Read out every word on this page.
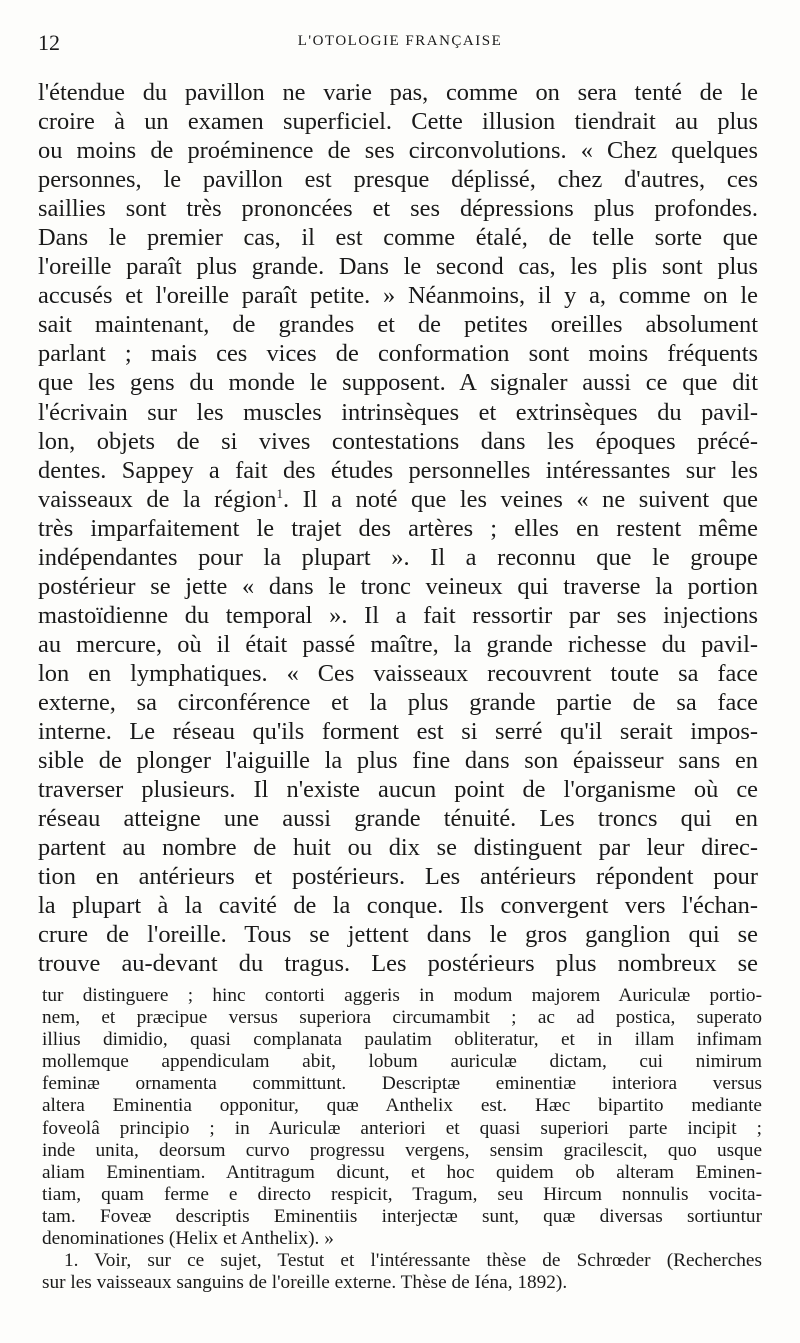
12	L'OTOLOGIE FRANÇAISE
l'étendue du pavillon ne varie pas, comme on sera tenté de le
croire à un examen superficiel. Cette illusion tiendrait au plus
ou moins de proéminence de ses circonvolutions. « Chez quelques
personnes, le pavillon est presque déplissé, chez d'autres, ces
saillies sont très prononcées et ses dépressions plus profondes.
Dans le premier cas, il est comme étalé, de telle sorte que
l'oreille paraît plus grande. Dans le second cas, les plis sont plus
accusés et l'oreille paraît petite. » Néanmoins, il y a, comme on le
sait maintenant, de grandes et de petites oreilles absolument
parlant ; mais ces vices de conformation sont moins fréquents
que les gens du monde le supposent. A signaler aussi ce que dit
l'écrivain sur les muscles intrinsèques et extrinsèques du pavil-
lon, objets de si vives contestations dans les époques précé-
dentes. Sappey a fait des études personnelles intéressantes sur les
vaisseaux de la région$^1$. Il a noté que les veines « ne suivent que
très imparfaitement le trajet des artères ; elles en restent même
indépendantes pour la plupart ». Il a reconnu que le groupe
postérieur se jette « dans le tronc veineux qui traverse la portion
mastoïdienne du temporal ». Il a fait ressortir par ses injections
au mercure, où il était passé maître, la grande richesse du pavil-
lon en lymphatiques. « Ces vaisseaux recouvrent toute sa face
externe, sa circonférence et la plus grande partie de sa face
interne. Le réseau qu'ils forment est si serré qu'il serait impos-
sible de plonger l'aiguille la plus fine dans son épaisseur sans en
traverser plusieurs. Il n'existe aucun point de l'organisme où ce
réseau atteigne une aussi grande ténuité. Les troncs qui en
partent au nombre de huit ou dix se distinguent par leur direc-
tion en antérieurs et postérieurs. Les antérieurs répondent pour
la plupart à la cavité de la conque. Ils convergent vers l'échan-
crure de l'oreille. Tous se jettent dans le gros ganglion qui se
trouve au-devant du tragus. Les postérieurs plus nombreux se
tur distinguere ; hinc contorti aggeris in modum majorem Auriculæ portio-
nem, et præcipue versus superiora circumambit ; ac ad postica, superato
illius dimidio, quasi complanata paulatim obliteratur, et in illam infimam
mollemque appendiculam abit, lobum auriculæ dictam, cui nimirum
feminæ ornamenta committunt. Descriptæ eminentiæ interiora versus
altera Eminentia opponitur, quæ Anthelix est. Hæc bipartito mediante
foveolâ principio ; in Auriculæ anteriori et quasi superiori parte incipit ;
inde unita, deorsum curvo progressu vergens, sensim gracilescit, quo usque
aliam Eminentiam. Antitragum dicunt, et hoc quidem ob alteram Eminen-
tiam, quam ferme e directo respicit, Tragum, seu Hircum nonnulis vocita-
tam. Foveæ descriptis Eminentiis interjectæ sunt, quæ diversas sortiuntur
denominationes (Helix et Anthelix). »
1. Voir, sur ce sujet, Testut et l'intéressante thèse de Schrœder (Recherches
sur les vaisseaux sanguins de l'oreille externe. Thèse de Iéna, 1892).
